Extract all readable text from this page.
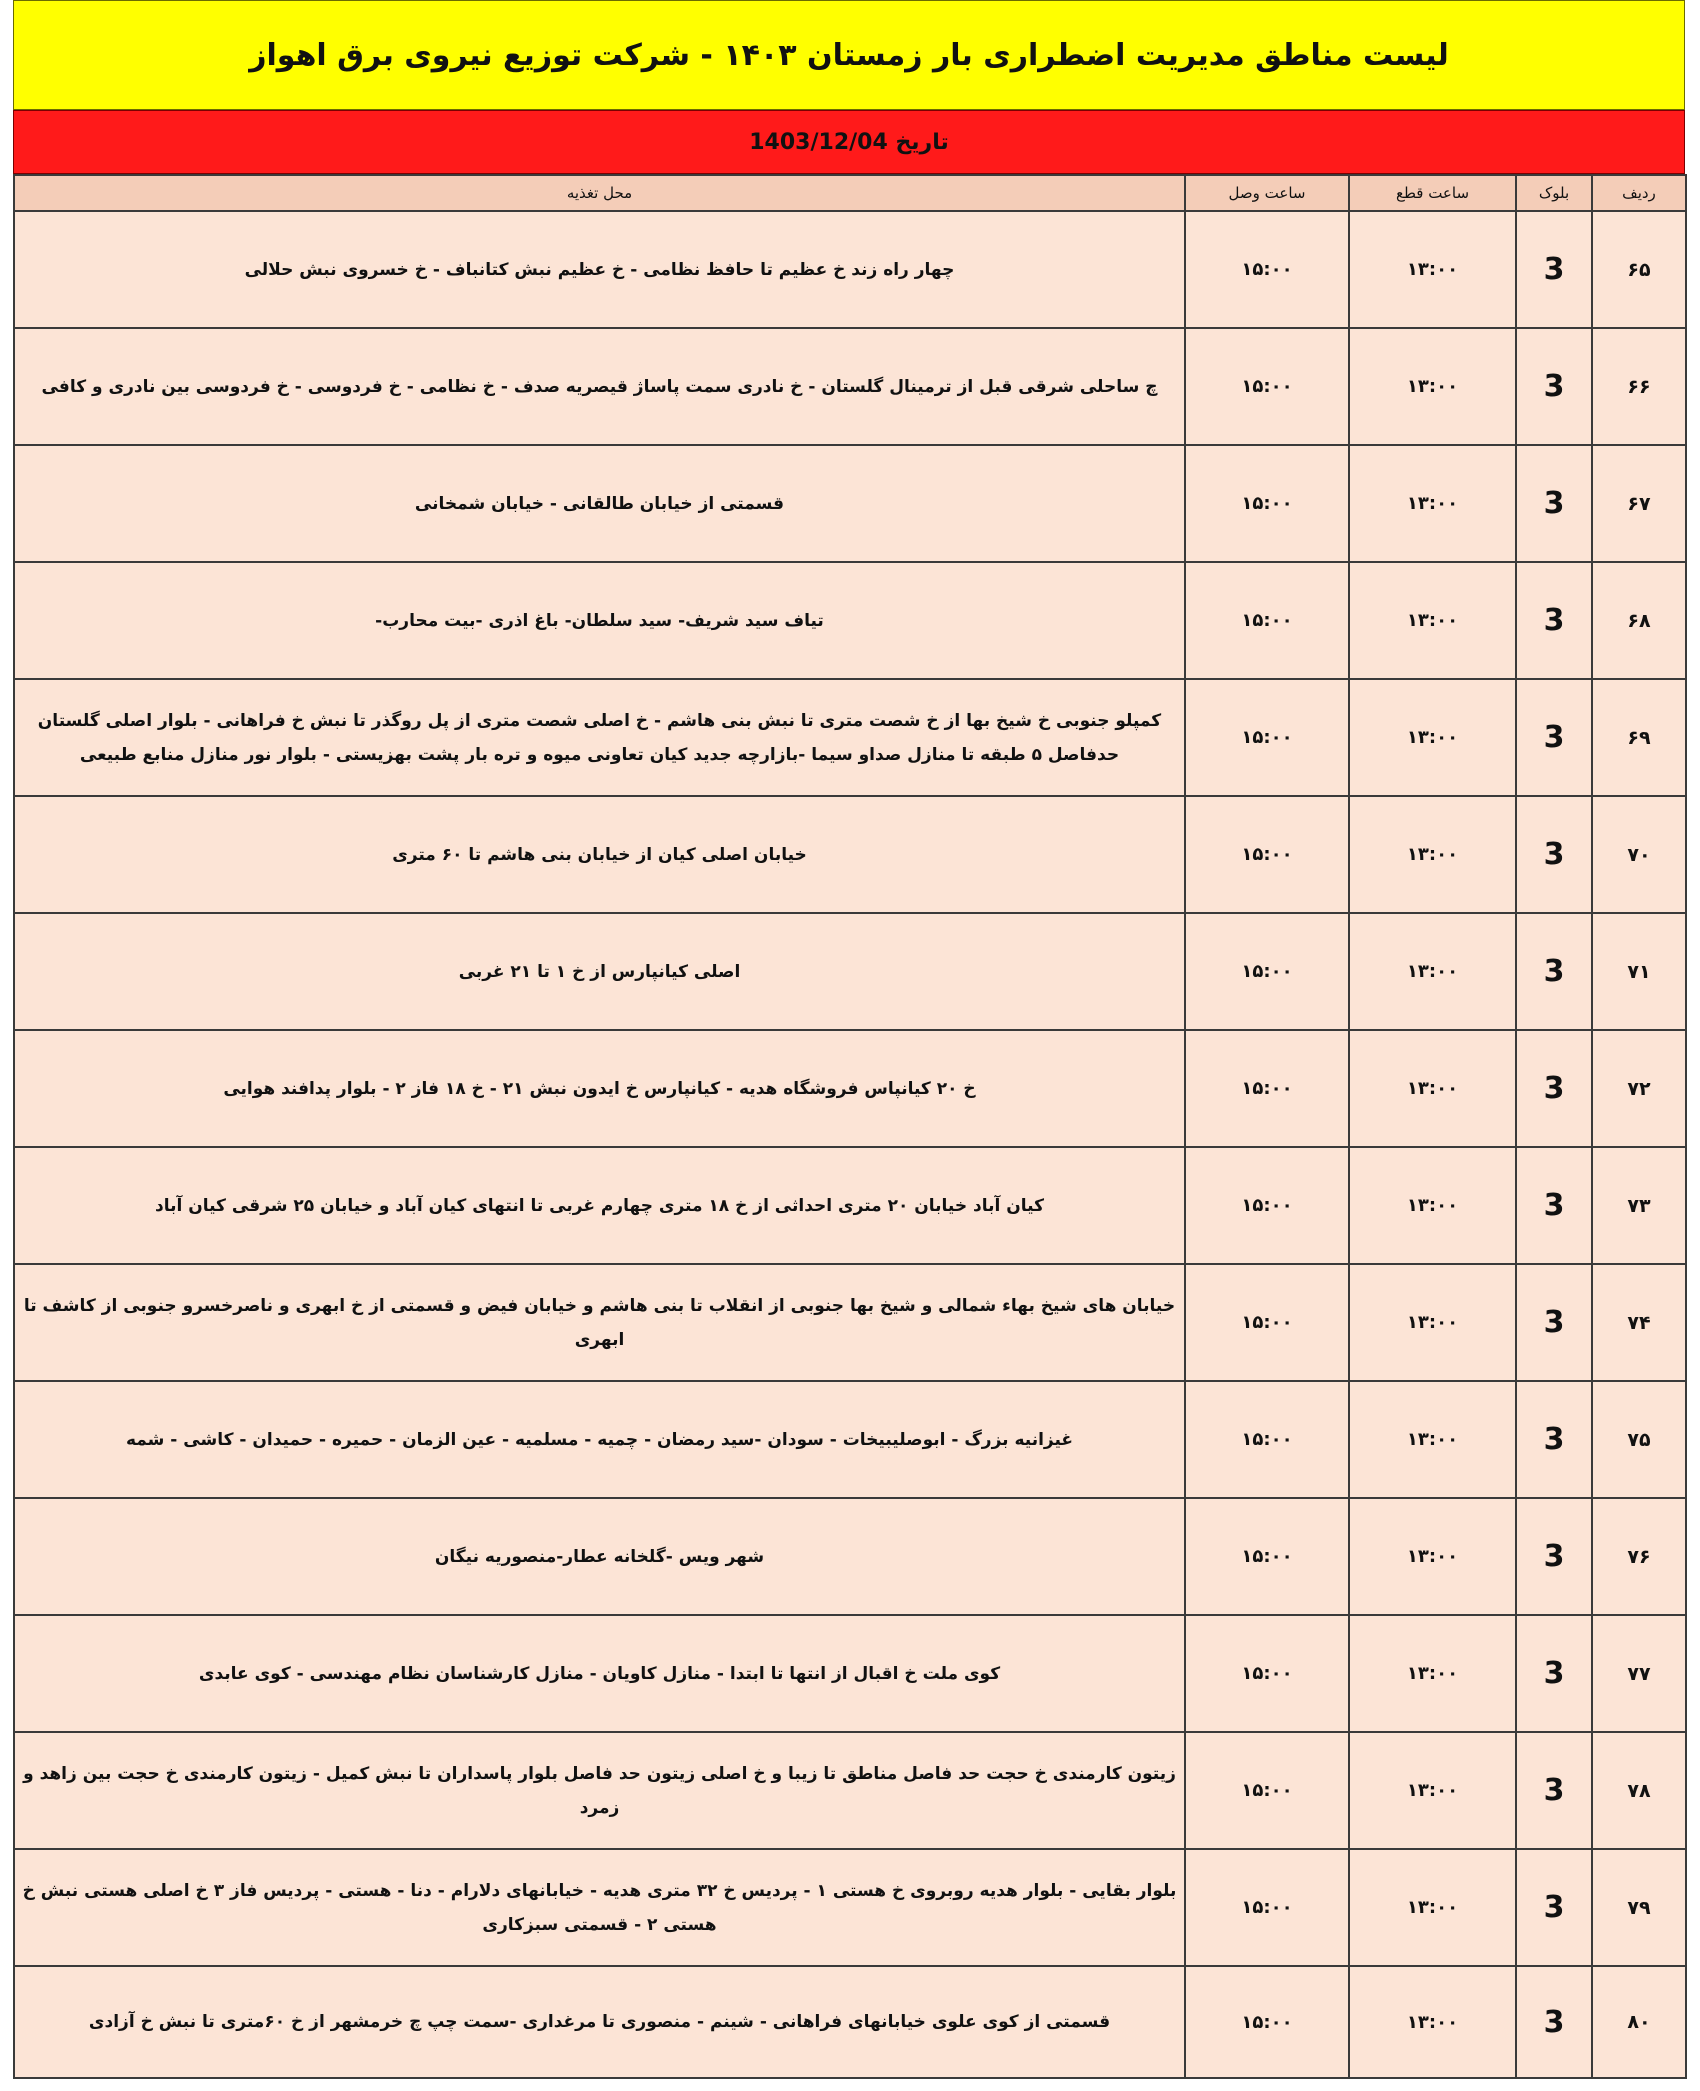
لیست مناطق مدیریت اضطراری بار زمستان ۱۴۰۳ - شرکت توزیع نیروی برق اهواز
تاریخ 1403/12/04
ردیف	بلوک	ساعت قطع	ساعت وصل	محل تغذیه
۶۵	3	۱۳:۰۰	۱۵:۰۰	چهار راه زند خ عظیم تا حافظ نظامی - خ عظیم نبش کتانباف - خ خسروی نبش حلالی
۶۶	3	۱۳:۰۰	۱۵:۰۰	چ ساحلی شرقی قبل از ترمینال گلستان - خ نادری سمت پاساژ قیصریه صدف - خ نظامی - خ فردوسی - خ فردوسی بین نادری و کافی
۶۷	3	۱۳:۰۰	۱۵:۰۰	قسمتی از خیابان طالقانی - خیابان شمخانی
۶۸	3	۱۳:۰۰	۱۵:۰۰	تیاف سید شریف- سید سلطان- باغ اذری -بیت محارب-
۶۹	3	۱۳:۰۰	۱۵:۰۰	کمپلو جنوبی خ شیخ بها از خ شصت متری تا نبش بنی هاشم - خ اصلی شصت متری از پل روگذر تا نبش خ فراهانی - بلوار اصلی گلستان حدفاصل ۵ طبقه تا منازل صداو سیما -بازارچه جدید کیان تعاونی میوه و تره بار پشت بهزیستی - بلوار نور منازل منابع طبیعی
۷۰	3	۱۳:۰۰	۱۵:۰۰	خیابان اصلی کیان از خیابان بنی هاشم تا ۶۰ متری
۷۱	3	۱۳:۰۰	۱۵:۰۰	اصلی کیانپارس از خ ۱ تا ۲۱ غربی
۷۲	3	۱۳:۰۰	۱۵:۰۰	خ ۲۰ کیانپاس فروشگاه هدیه - کیانپارس خ ایدون نبش ۲۱ - خ ۱۸ فاز ۲ - بلوار پدافند هوایی
۷۳	3	۱۳:۰۰	۱۵:۰۰	کیان آباد خیابان ۲۰ متری احداثی از خ ۱۸ متری چهارم غربی تا انتهای کیان آباد و خیابان ۲۵ شرقی کیان آباد
۷۴	3	۱۳:۰۰	۱۵:۰۰	خیابان های شیخ بهاء شمالی و شیخ بها جنوبی از انقلاب تا بنی هاشم و خیابان فیض و قسمتی از خ ابهری و ناصرخسرو جنوبی از کاشف تا ابهری
۷۵	3	۱۳:۰۰	۱۵:۰۰	غیزانیه بزرگ - ابوصلیبیخات - سودان -سید رمضان - چمیه - مسلمیه - عین الزمان - حمیره - حمیدان - کاشی - شمه
۷۶	3	۱۳:۰۰	۱۵:۰۰	شهر ویس -گلخانه عطار-منصوریه نیگان
۷۷	3	۱۳:۰۰	۱۵:۰۰	کوی ملت خ اقبال از انتها تا ابتدا - منازل کاویان - منازل کارشناسان نظام مهندسی - کوی عابدی
۷۸	3	۱۳:۰۰	۱۵:۰۰	زیتون کارمندی خ حجت حد فاصل مناطق تا زیبا و خ اصلی زیتون حد فاصل بلوار پاسداران تا نبش کمیل - زیتون کارمندی خ حجت بین زاهد و زمرد
۷۹	3	۱۳:۰۰	۱۵:۰۰	بلوار بقایی - بلوار هدیه روبروی خ هستی ۱ - پردیس خ ۳۲ متری هدیه - خیابانهای دلارام - دنا - هستی - پردیس فاز ۳ خ اصلی هستی نبش خ هستی ۲ - قسمتی سبزکاری
۸۰	3	۱۳:۰۰	۱۵:۰۰	قسمتی از کوی علوی خیابانهای فراهانی - شینم - منصوری تا مرغداری -سمت چپ چ خرمشهر از خ ۶۰متری تا نبش خ آزادی
